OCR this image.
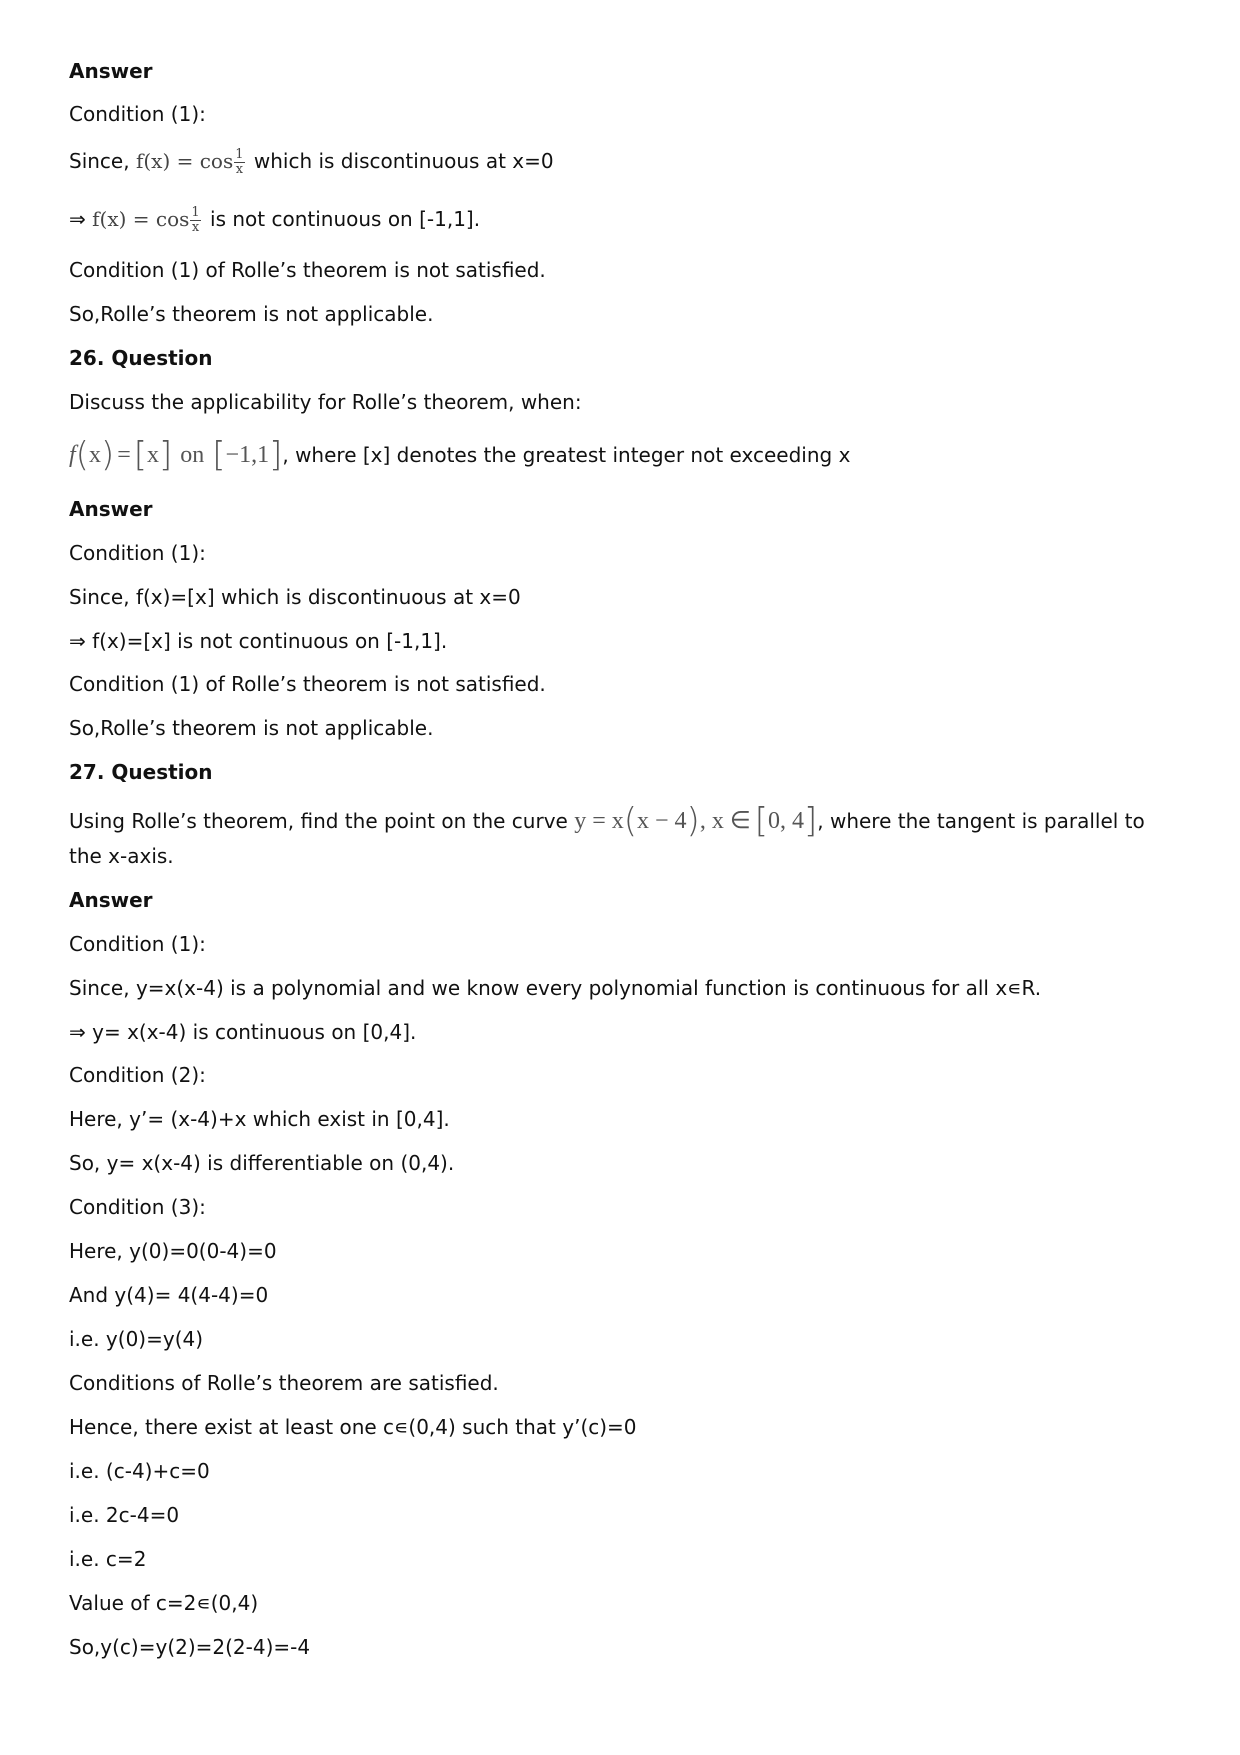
Answer
Condition (1):
Since, $f(x) = \cos \frac{1}{x}$ which is discontinuous at x=0
⇒ $f(x) = \cos \frac{1}{x}$ is not continuous on [-1,1].
Condition (1) of Rolle’s theorem is not satisfied.
So,Rolle’s theorem is not applicable.
26. Question
Discuss the applicability for Rolle’s theorem, when:
f(x) =[x] on [−1,1], where [x] denotes the greatest integer not exceeding x
Answer
Condition (1):
Since, f(x)=[x] which is discontinuous at x=0
⇒ f(x)=[x] is not continuous on [-1,1].
Condition (1) of Rolle’s theorem is not satisfied.
So,Rolle’s theorem is not applicable.
27. Question
Using Rolle’s theorem, find the point on the curve y = x(x − 4), x ∈ [0, 4], where the tangent is parallel to
the x-axis.
Answer
Condition (1):
Since, y=x(x-4) is a polynomial and we know every polynomial function is continuous for all x∊R.
⇒ y= x(x-4) is continuous on [0,4].
Condition (2):
Here, y’= (x-4)+x which exist in [0,4].
So, y= x(x-4) is differentiable on (0,4).
Condition (3):
Here, y(0)=0(0-4)=0
And y(4)= 4(4-4)=0
i.e. y(0)=y(4)
Conditions of Rolle’s theorem are satisfied.
Hence, there exist at least one c∊(0,4) such that y’(c)=0
i.e. (c-4)+c=0
i.e. 2c-4=0
i.e. c=2
Value of c=2∊(0,4)
So,y(c)=y(2)=2(2-4)=-4
